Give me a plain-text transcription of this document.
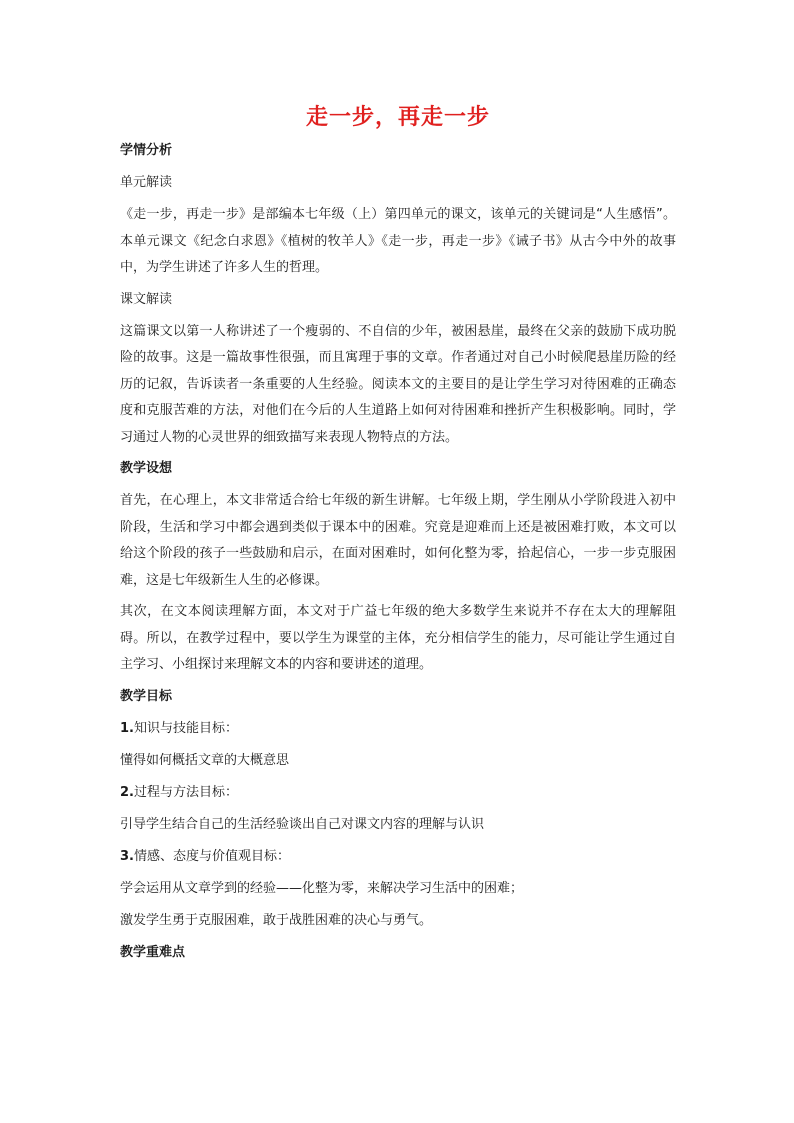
走一步，再走一步
学情分析
单元解读
《走一步，再走一步》是部编本七年级（上）第四单元的课文，该单元的关键词是“人生感悟”。本单元课文《纪念白求恩》《植树的牧羊人》《走一步，再走一步》《诫子书》从古今中外的故事中，为学生讲述了许多人生的哲理。
课文解读
这篇课文以第一人称讲述了一个瘦弱的、不自信的少年，被困悬崖，最终在父亲的鼓励下成功脱险的故事。这是一篇故事性很强，而且寓理于事的文章。作者通过对自己小时候爬悬崖历险的经历的记叙，告诉读者一条重要的人生经验。阅读本文的主要目的是让学生学习对待困难的正确态度和克服苦难的方法，对他们在今后的人生道路上如何对待困难和挫折产生积极影响。同时，学习通过人物的心灵世界的细致描写来表现人物特点的方法。
教学设想
首先，在心理上，本文非常适合给七年级的新生讲解。七年级上期，学生刚从小学阶段进入初中阶段，生活和学习中都会遇到类似于课本中的困难。究竟是迎难而上还是被困难打败，本文可以给这个阶段的孩子一些鼓励和启示，在面对困难时，如何化整为零，拾起信心，一步一步克服困难，这是七年级新生人生的必修课。
其次，在文本阅读理解方面，本文对于广益七年级的绝大多数学生来说并不存在太大的理解阻碍。所以，在教学过程中，要以学生为课堂的主体，充分相信学生的能力，尽可能让学生通过自主学习、小组探讨来理解文本的内容和要讲述的道理。
教学目标
1.知识与技能目标：
懂得如何概括文章的大概意思
2.过程与方法目标：
引导学生结合自己的生活经验谈出自己对课文内容的理解与认识
3.情感、态度与价值观目标：
学会运用从文章学到的经验——化整为零，来解决学习生活中的困难；
激发学生勇于克服困难，敢于战胜困难的决心与勇气。
教学重难点
